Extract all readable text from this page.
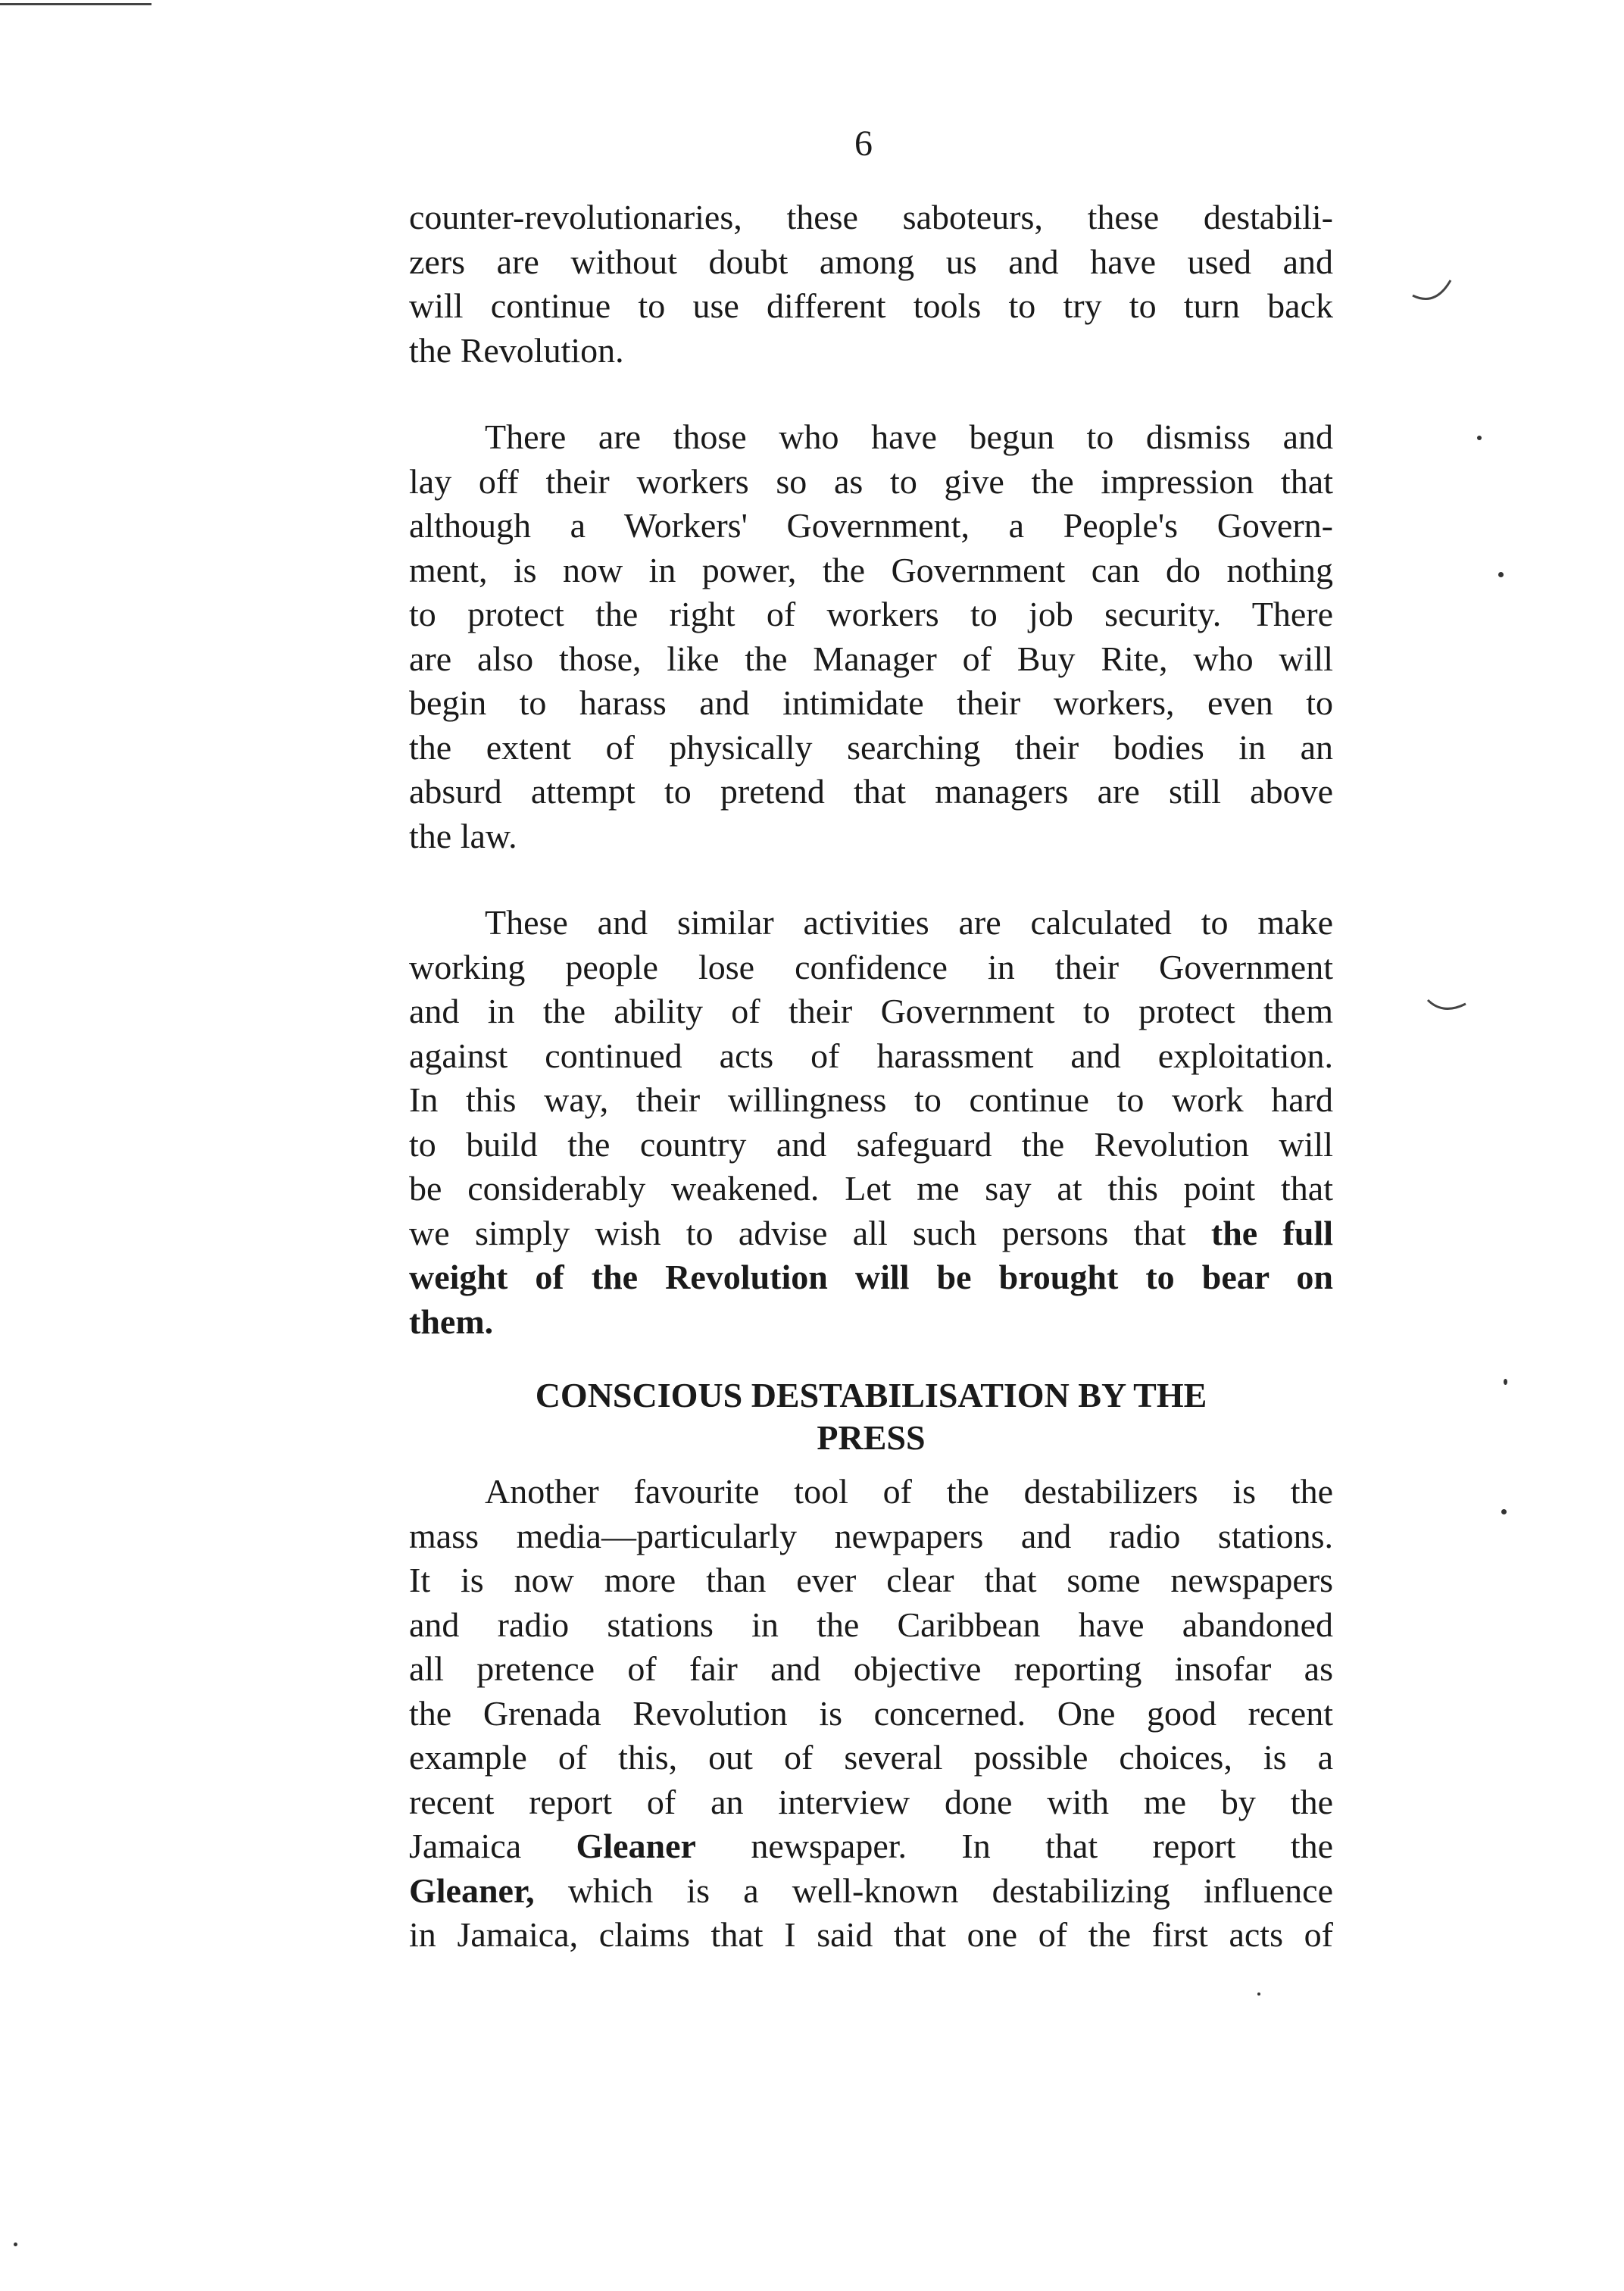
6
counter-revolutionaries, these saboteurs, these destabili-
zers are without doubt among us and have used and
will continue to use different tools to try to turn back
the Revolution.
There are those who have begun to dismiss and
lay off their workers so as to give the impression that
although a Workers' Government, a People's Govern-
ment, is now in power, the Government can do nothing
to protect the right of workers to job security. There
are also those, like the Manager of Buy Rite, who will
begin to harass and intimidate their workers, even to
the extent of physically searching their bodies in an
absurd attempt to pretend that managers are still above
the law.
These and similar activities are calculated to make
working people lose confidence in their Government
and in the ability of their Government to protect them
against continued acts of harassment and exploitation.
In this way, their willingness to continue to work hard
to build the country and safeguard the Revolution will
be considerably weakened. Let me say at this point that
we simply wish to advise all such persons that the full
weight of the Revolution will be brought to bear on
them.
CONSCIOUS DESTABILISATION BY THE
PRESS
Another favourite tool of the destabilizers is the
mass media—particularly newpapers and radio stations.
It is now more than ever clear that some newspapers
and radio stations in the Caribbean have abandoned
all pretence of fair and objective reporting insofar as
the Grenada Revolution is concerned. One good recent
example of this, out of several possible choices, is a
recent report of an interview done with me by the
Jamaica Gleaner newspaper. In that report the
Gleaner, which is a well-known destabilizing influence
in Jamaica, claims that I said that one of the first acts of
